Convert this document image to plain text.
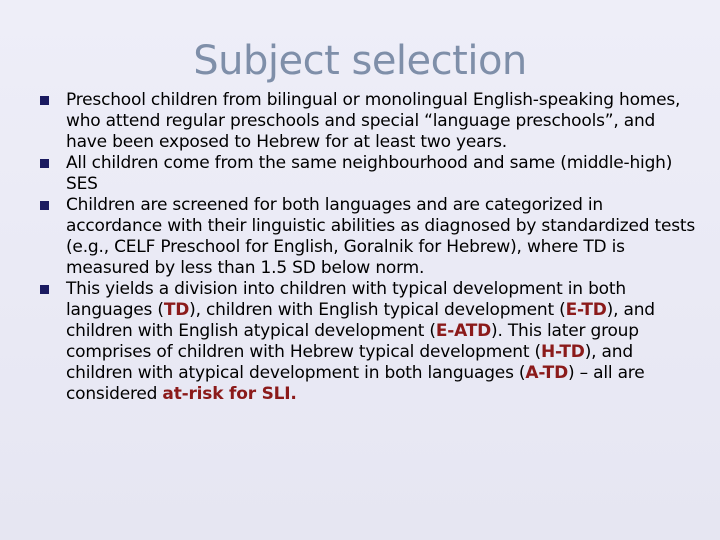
Subject selection
Preschool children from bilingual or monolingual English-speaking homes, who attend regular preschools and special “language preschools”, and have been exposed to Hebrew for at least two years.
All children come from the same neighbourhood and same (middle-high) SES
Children are screened for both languages and are categorized in accordance with their linguistic abilities as diagnosed by standardized tests (e.g., CELF Preschool for English, Goralnik for Hebrew), where TD is measured by less than 1.5 SD below norm.
This yields a division into children with typical development in both languages (TD), children with English typical development (E-TD), and children with English atypical development (E-ATD). This later group comprises of children with Hebrew typical development (H-TD), and children with atypical development in both languages (A-TD) – all are considered at-risk for SLI.
